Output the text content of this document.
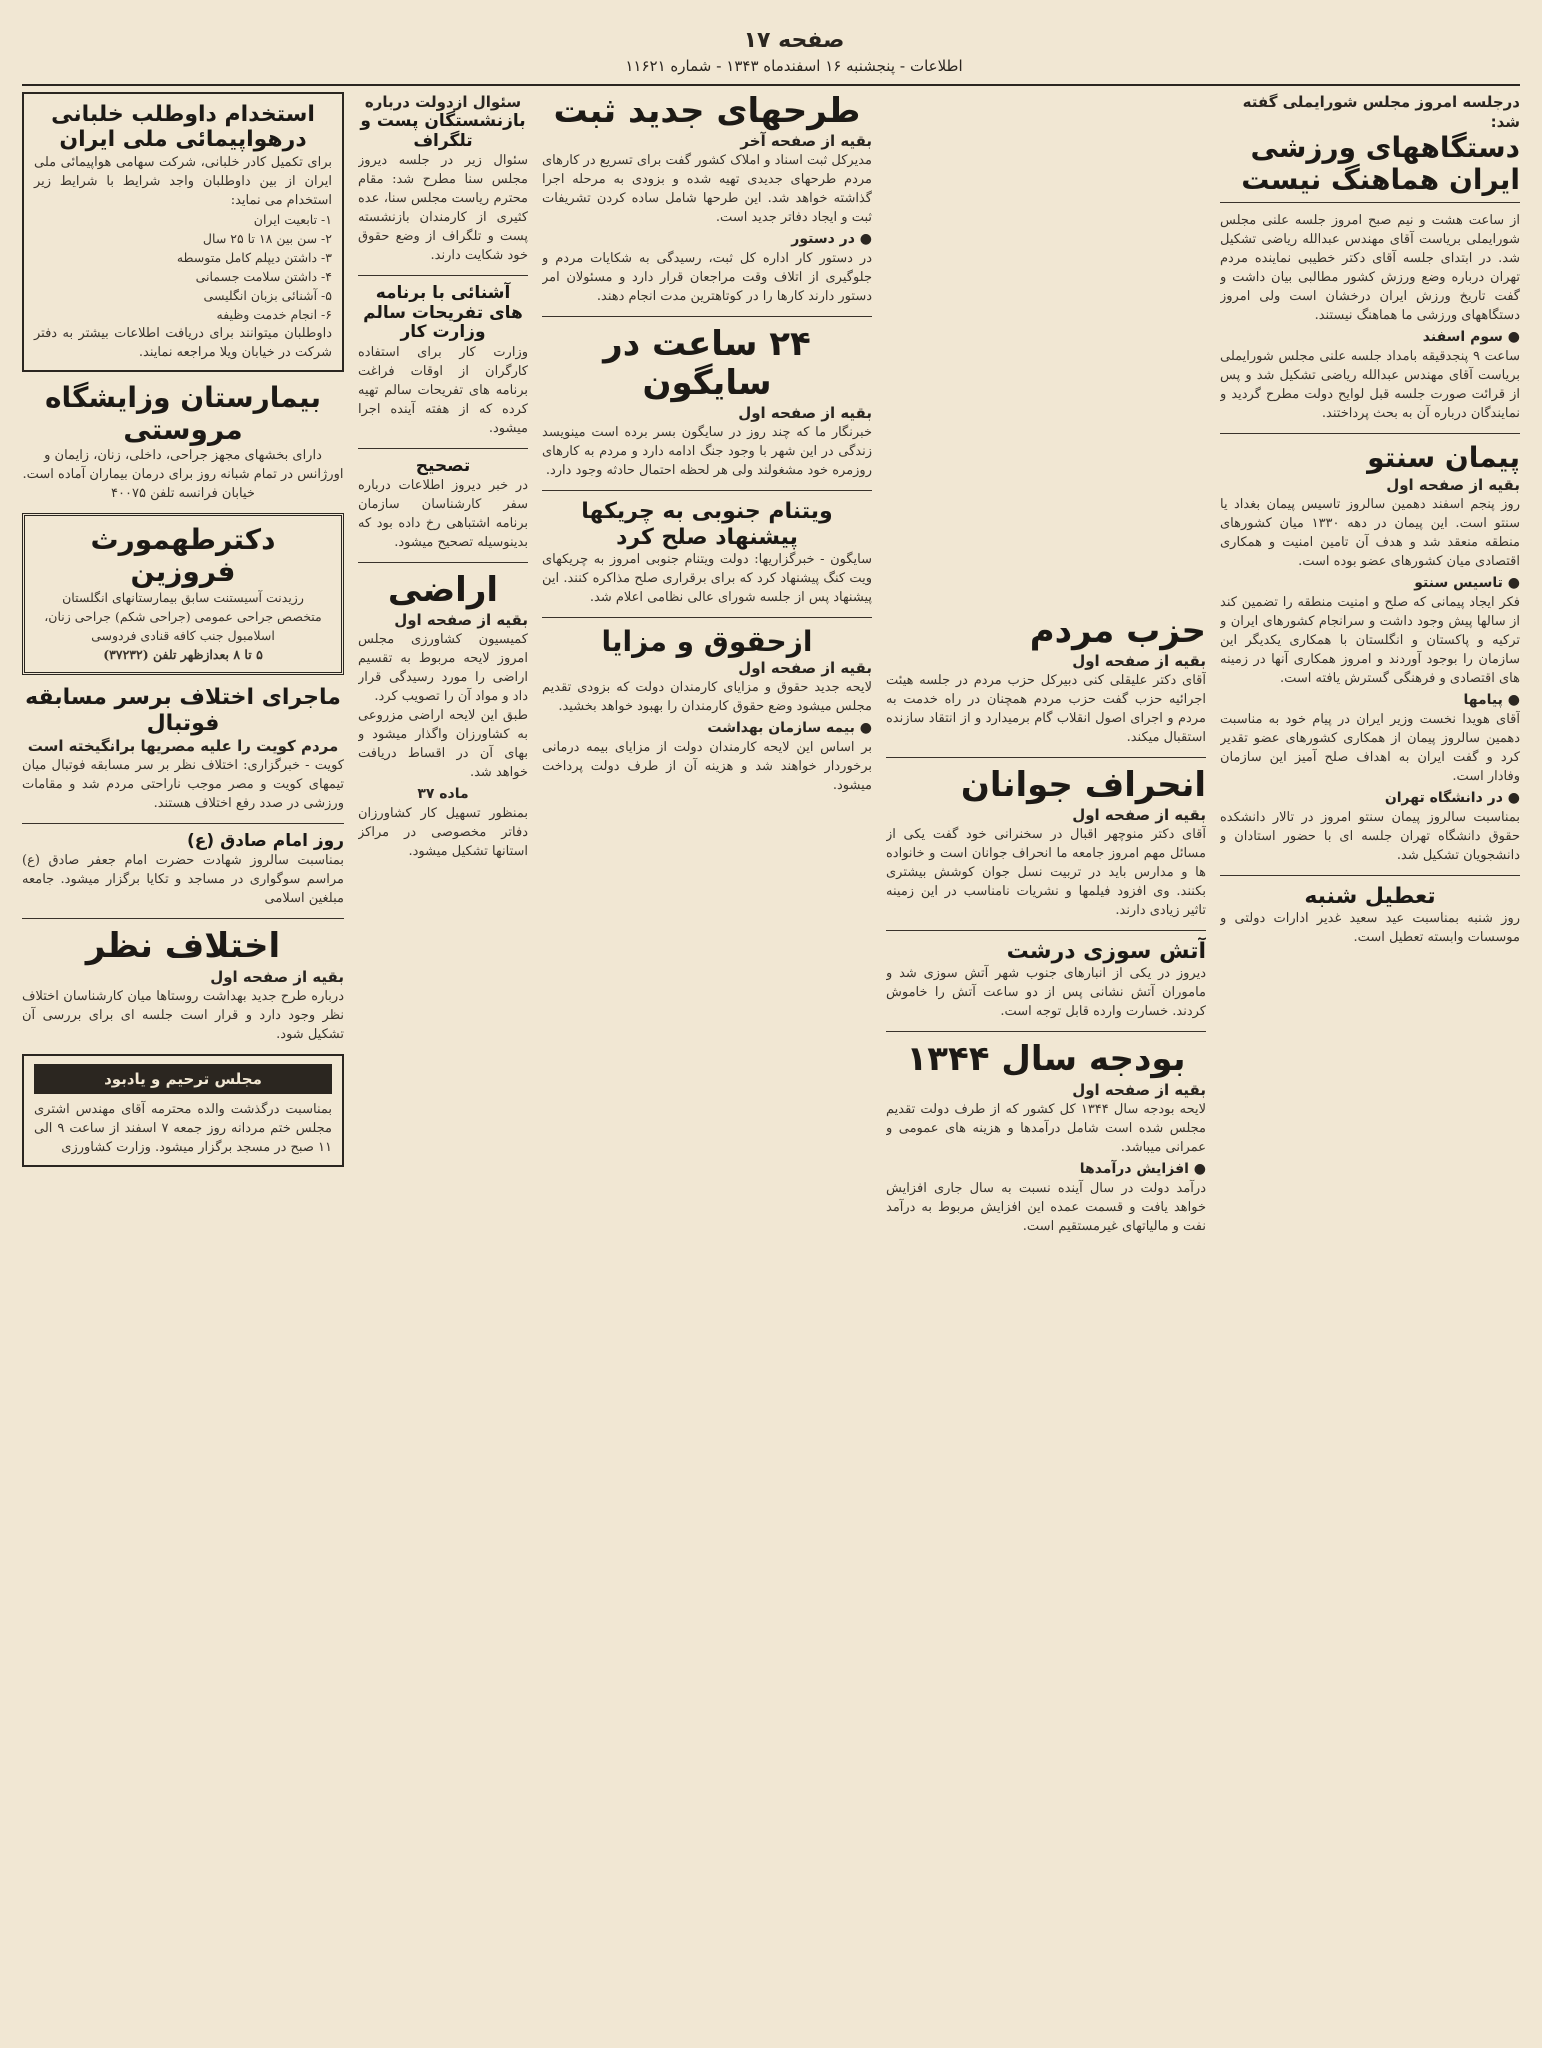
صفحه ۱۷
اطلاعات - پنجشنبه ۱۶ اسفندماه ۱۳۴۳ - شماره ۱۱۶۲۱
درجلسه امروز مجلس شورایملی گفته شد:
دستگاههای ورزشی ایران هماهنگ نیست
از ساعت هشت و نیم صبح امروز جلسه علنی مجلس شورایملی بریاست آقای مهندس عبدالله ریاضی تشکیل شد. در ابتدای جلسه آقای دکتر خطیبی نماینده مردم تهران درباره وضع ورزش کشور مطالبی بیان داشت و گفت تاریخ ورزش ایران درخشان است ولی امروز دستگاههای ورزشی ما هماهنگ نیستند.
● سوم اسفند
ساعت ۹ پنجدقیقه بامداد جلسه علنی مجلس شورایملی بریاست آقای مهندس عبدالله ریاضی تشکیل شد و پس از قرائت صورت جلسه قبل لوایح دولت مطرح گردید و نمایندگان درباره آن به بحث پرداختند.
پیمان سنتو
بقیه از صفحه اول
روز پنجم اسفند دهمین سالروز تاسیس پیمان بغداد یا سنتو است. این پیمان در دهه ۱۳۳۰ میان کشورهای منطقه منعقد شد و هدف آن تامین امنیت و همکاری اقتصادی میان کشورهای عضو بوده است.
● تاسیس سنتو
فکر ایجاد پیمانی که صلح و امنیت منطقه را تضمین کند از سالها پیش وجود داشت و سرانجام کشورهای ایران و ترکیه و پاکستان و انگلستان با همکاری یکدیگر این سازمان را بوجود آوردند و امروز همکاری آنها در زمینه های اقتصادی و فرهنگی گسترش یافته است.
● پیامها
آقای هویدا نخست وزیر ایران در پیام خود به مناسبت دهمین سالروز پیمان از همکاری کشورهای عضو تقدیر کرد و گفت ایران به اهداف صلح آمیز این سازمان وفادار است.
● در دانشگاه تهران
بمناسبت سالروز پیمان سنتو امروز در تالار دانشکده حقوق دانشگاه تهران جلسه ای با حضور استادان و دانشجویان تشکیل شد.
تعطیل شنبه
روز شنبه بمناسبت عید سعید غدیر ادارات دولتی و موسسات وابسته تعطیل است.
حزب مردم
بقیه از صفحه اول
آقای دکتر علیقلی کنی دبیرکل حزب مردم در جلسه هیئت اجرائیه حزب گفت حزب مردم همچنان در راه خدمت به مردم و اجرای اصول انقلاب گام برمیدارد و از انتقاد سازنده استقبال میکند.
انحراف جوانان
بقیه از صفحه اول
آقای دکتر منوچهر اقبال در سخنرانی خود گفت یکی از مسائل مهم امروز جامعه ما انحراف جوانان است و خانواده ها و مدارس باید در تربیت نسل جوان کوشش بیشتری بکنند. وی افزود فیلمها و نشریات نامناسب در این زمینه تاثیر زیادی دارند.
آتش سوزی درشت
دیروز در یکی از انبارهای جنوب شهر آتش سوزی شد و ماموران آتش نشانی پس از دو ساعت آتش را خاموش کردند. خسارت وارده قابل توجه است.
بودجه سال ۱۳۴۴
بقیه از صفحه اول
لایحه بودجه سال ۱۳۴۴ کل کشور که از طرف دولت تقدیم مجلس شده است شامل درآمدها و هزینه های عمومی و عمرانی میباشد.
● افزایش درآمدها
درآمد دولت در سال آینده نسبت به سال جاری افزایش خواهد یافت و قسمت عمده این افزایش مربوط به درآمد نفت و مالیاتهای غیرمستقیم است.
طرحهای جدید ثبت
بقیه از صفحه آخر
مدیرکل ثبت اسناد و املاک کشور گفت برای تسریع در کارهای مردم طرحهای جدیدی تهیه شده و بزودی به مرحله اجرا گذاشته خواهد شد. این طرحها شامل ساده کردن تشریفات ثبت و ایجاد دفاتر جدید است.
● در دستور
در دستور کار اداره کل ثبت، رسیدگی به شکایات مردم و جلوگیری از اتلاف وقت مراجعان قرار دارد و مسئولان امر دستور دارند کارها را در کوتاهترین مدت انجام دهند.
۲۴ ساعت در سایگون
بقیه از صفحه اول
خبرنگار ما که چند روز در سایگون بسر برده است مینویسد زندگی در این شهر با وجود جنگ ادامه دارد و مردم به کارهای روزمره خود مشغولند ولی هر لحظه احتمال حادثه وجود دارد.
ویتنام جنوبی به چریکها پیشنهاد صلح کرد
سایگون - خبرگزاریها: دولت ویتنام جنوبی امروز به چریکهای ویت کنگ پیشنهاد کرد که برای برقراری صلح مذاکره کنند. این پیشنهاد پس از جلسه شورای عالی نظامی اعلام شد.
ازحقوق و مزایا
بقیه از صفحه اول
لایحه جدید حقوق و مزایای کارمندان دولت که بزودی تقدیم مجلس میشود وضع حقوق کارمندان را بهبود خواهد بخشید.
● بیمه سازمان بهداشت
بر اساس این لایحه کارمندان دولت از مزایای بیمه درمانی برخوردار خواهند شد و هزینه آن از طرف دولت پرداخت میشود.
سئوال ازدولت درباره
بازنشستگان پست و تلگراف
سئوال زیر در جلسه دیروز مجلس سنا مطرح شد: مقام محترم ریاست مجلس سنا، عده کثیری از کارمندان بازنشسته پست و تلگراف از وضع حقوق خود شکایت دارند.
آشنائی با برنامه های تفریحات سالم وزارت کار
وزارت کار برای استفاده کارگران از اوقات فراغت برنامه های تفریحات سالم تهیه کرده که از هفته آینده اجرا میشود.
تصحیح
در خبر دیروز اطلاعات درباره سفر کارشناسان سازمان برنامه اشتباهی رخ داده بود که بدینوسیله تصحیح میشود.
اراضی
بقیه از صفحه اول
کمیسیون کشاورزی مجلس امروز لایحه مربوط به تقسیم اراضی را مورد رسیدگی قرار داد و مواد آن را تصویب کرد.
طبق این لایحه اراضی مزروعی به کشاورزان واگذار میشود و بهای آن در اقساط دریافت خواهد شد.
ماده ۳۷
بمنظور تسهیل کار کشاورزان دفاتر مخصوصی در مراکز استانها تشکیل میشود.
استخدام داوطلب خلبانی درهواپیمائی ملی ایران
برای تکمیل کادر خلبانی، شرکت سهامی هواپیمائی ملی ایران از بین داوطلبان واجد شرایط با شرایط زیر استخدام می نماید:
۱- تابعیت ایران
۲- سن بین ۱۸ تا ۲۵ سال
۳- داشتن دیپلم کامل متوسطه
۴- داشتن سلامت جسمانی
۵- آشنائی بزبان انگلیسی
۶- انجام خدمت وظیفه
داوطلبان میتوانند برای دریافت اطلاعات بیشتر به دفتر شرکت در خیابان ویلا مراجعه نمایند.
بیمارستان وزایشگاه مروستی
دارای بخشهای مجهز جراحی، داخلی، زنان، زایمان و اورژانس در تمام شبانه روز برای درمان بیماران آماده است. خیابان فرانسه تلفن ۴۰۰۷۵
دکترطهمورث فروزین
رزیدنت آسیستنت سابق بیمارستانهای انگلستان
متخصص جراحی عمومی (جراحی شکم) جراحی زنان، اسلامبول جنب کافه قنادی فردوسی
۵ تا ۸ بعدازظهر تلفن (۳۷۲۳۲)
ماجرای اختلاف برسر مسابقه فوتبال
مردم کویت را علیه مصریها برانگیخته است
کویت - خبرگزاری: اختلاف نظر بر سر مسابقه فوتبال میان تیمهای کویت و مصر موجب ناراحتی مردم شد و مقامات ورزشی در صدد رفع اختلاف هستند.
روز امام صادق (ع)
بمناسبت سالروز شهادت حضرت امام جعفر صادق (ع) مراسم سوگواری در مساجد و تکایا برگزار میشود. جامعه مبلغین اسلامی
اختلاف نظر
بقیه از صفحه اول
درباره طرح جدید بهداشت روستاها میان کارشناسان اختلاف نظر وجود دارد و قرار است جلسه ای برای بررسی آن تشکیل شود.
مجلس ترحیم و یادبود
بمناسبت درگذشت والده محترمه آقای مهندس اشتری مجلس ختم مردانه روز جمعه ۷ اسفند از ساعت ۹ الی ۱۱ صبح در مسجد برگزار میشود. وزارت کشاورزی
